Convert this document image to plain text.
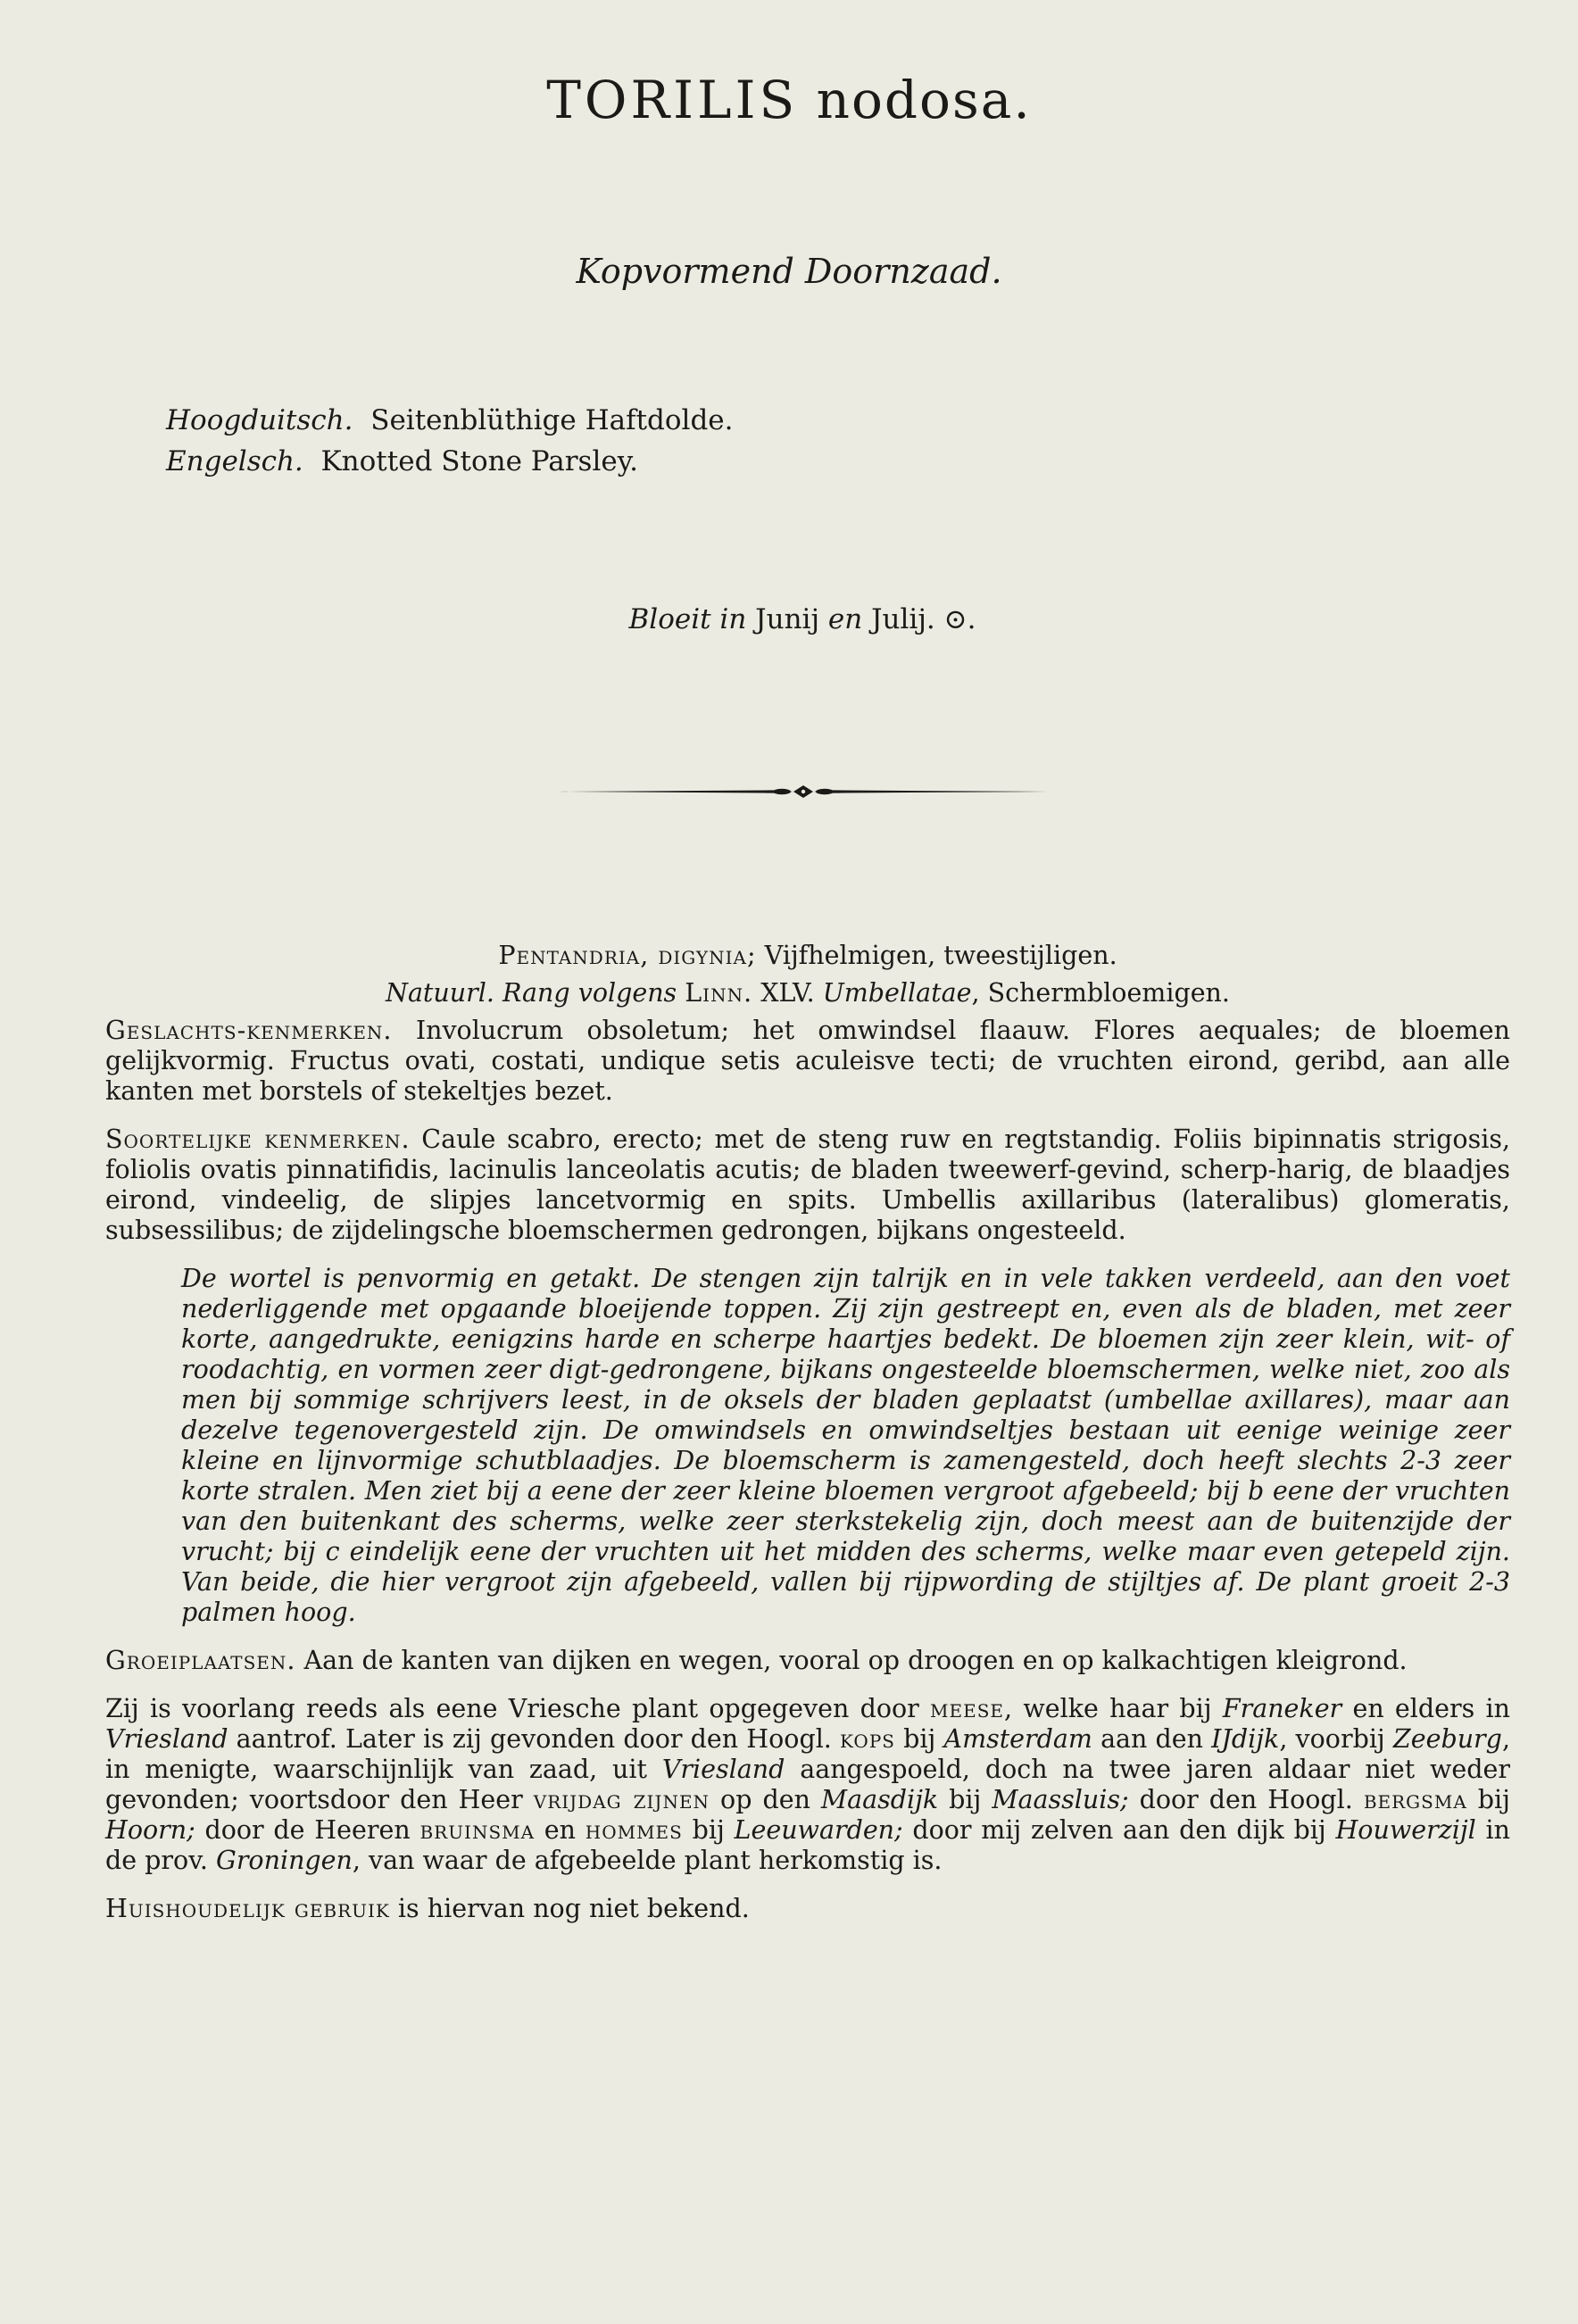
TORILIS nodosa.
Kopvormend Doornzaad.
Hoogduitsch. Seitenblüthige Haftdolde.
Engelsch. Knotted Stone Parsley.
Bloeit in Junij en Julij. ⊙.

Pentandria, digynia; Vijfhelmigen, tweestijligen.

Natuurl. Rang volgens Linn. XLV. Umbellatae, Schermbloemigen.

Geslachts-kenmerken. Involucrum obsoletum; het omwindsel flaauw. Flores aequales; de bloemen gelijkvormig. Fructus ovati, costati, undique setis aculeisve tecti; de vruchten eirond, geribd, aan alle kanten met borstels of stekeltjes bezet.

Soortelijke kenmerken. Caule scabro, erecto; met de steng ruw en regtstandig. Foliis bipinnatis strigosis, foliolis ovatis pinnatifidis, lacinulis lanceolatis acutis; de bladen tweewerf-gevind, scherp-harig, de blaadjes eirond, vindeelig, de slipjes lancetvormig en spits. Umbellis axillaribus (lateralibus) glomeratis, subsessilibus; de zijdelingsche bloemschermen gedrongen, bijkans ongesteeld.

De wortel is penvormig en getakt. De stengen zijn talrijk en in vele takken verdeeld, aan den voet nederliggende met opgaande bloeijende toppen. Zij zijn gestreept en, even als de bladen, met zeer korte, aangedrukte, eenigzins harde en scherpe haartjes bedekt. De bloemen zijn zeer klein, wit- of roodachtig, en vormen zeer digt-gedrongene, bijkans ongesteelde bloemschermen, welke niet, zoo als men bij sommige schrijvers leest, in de oksels der bladen geplaatst (umbellae axillares), maar aan dezelve tegenovergesteld zijn. De omwindsels en omwindseltjes bestaan uit eenige weinige zeer kleine en lijnvormige schutblaadjes. De bloemscherm is zamengesteld, doch heeft slechts 2-3 zeer korte stralen. Men ziet bij a eene der zeer kleine bloemen vergroot afgebeeld; bij b eene der vruchten van den buitenkant des scherms, welke zeer sterkstekelig zijn, doch meest aan de buitenzijde der vrucht; bij c eindelijk eene der vruchten uit het midden des scherms, welke maar even getepeld zijn. Van beide, die hier vergroot zijn afgebeeld, vallen bij rijpwording de stijltjes af. De plant groeit 2-3 palmen hoog.

Groeiplaatsen. Aan de kanten van dijken en wegen, vooral op droogen en op kalkachtigen kleigrond.

Zij is voorlang reeds als eene Vriesche plant opgegeven door meese, welke haar bij Franeker en elders in Vriesland aantrof. Later is zij gevonden door den Hoogl. kops bij Amsterdam aan den IJdijk, voorbij Zeeburg, in menigte, waarschijnlijk van zaad, uit Vriesland aangespoeld, doch na twee jaren aldaar niet weder gevonden; voortsdoor den Heer vrijdag zijnen op den Maasdijk bij Maassluis; door den Hoogl. bergsma bij Hoorn; door de Heeren bruinsma en hommes bij Leeuwarden; door mij zelven aan den dijk bij Houwerzijl in de prov. Groningen, van waar de afgebeelde plant herkomstig is.

Huishoudelijk gebruik is hiervan nog niet bekend.
